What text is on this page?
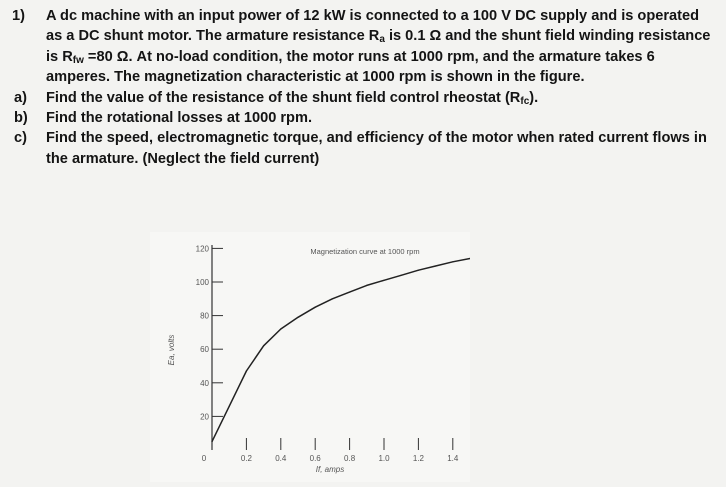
1)	A dc machine with an input power of 12 kW is connected to a 100 V DC supply and is operated as a DC shunt motor. The armature resistance $R_a$ is 0.1 Ω and the shunt field winding resistance is $R_{fw} =80$ Ω. At no-load condition, the motor runs at 1000 rpm, and the armature takes 6 amperes. The magnetization characteristic at 1000 rpm is shown in the figure.
a)	Find the value of the resistance of the shunt field control rheostat $(R_{fc})$.
b)	Find the rotational losses at 1000 rpm.
c)	Find the speed, electromagnetic torque, and efficiency of the motor when rated current flows in the armature. (Neglect the field current)
20
40
60
80
100
120
0	0.2	0.4	0.6	0.8	1.0	1.2	1.4
Magnetization curve at 1000 rpm
If, amps
Ea, volts
